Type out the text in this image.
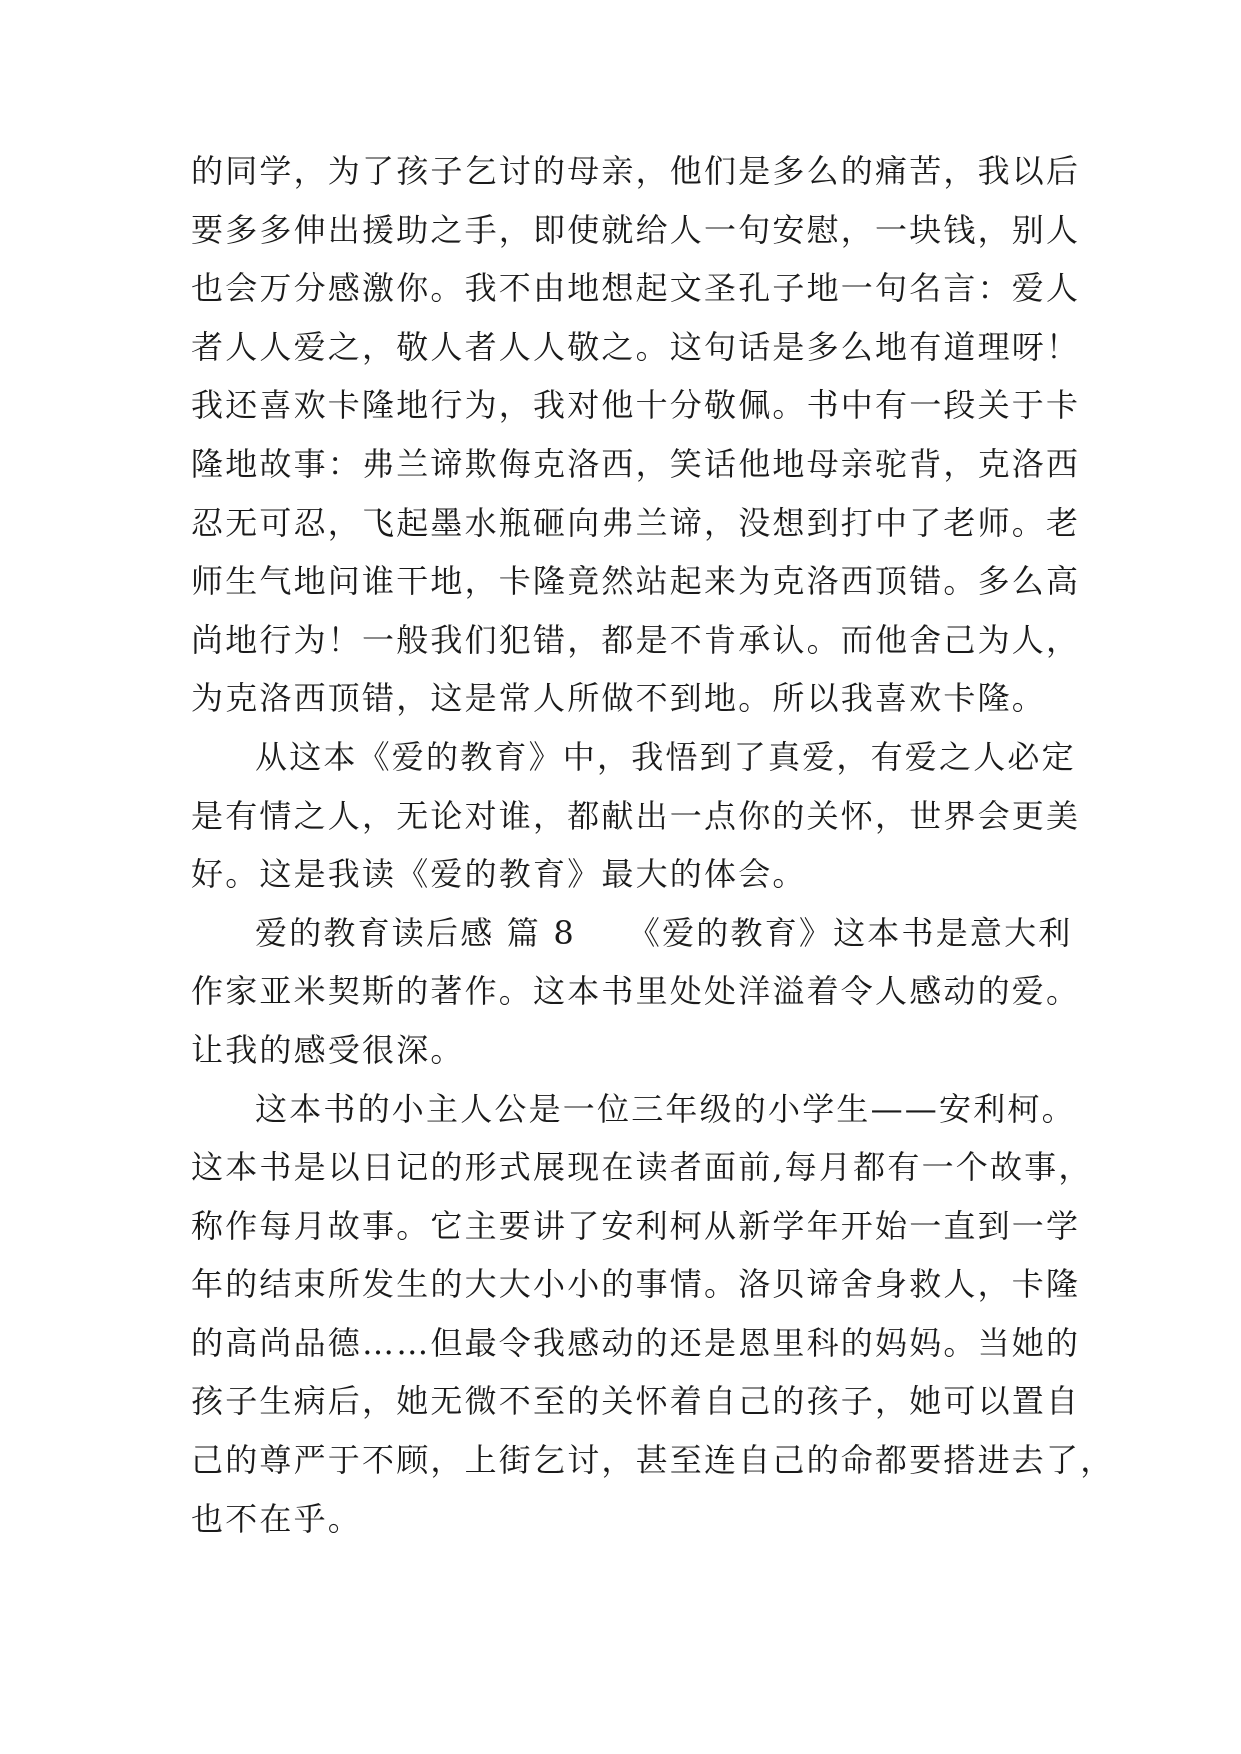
的同学，为了孩子乞讨的母亲，他们是多么的痛苦，我以后
要多多伸出援助之手，即使就给人一句安慰，一块钱，别人
也会万分感激你。我不由地想起文圣孔子地一句名言：爱人
者人人爱之，敬人者人人敬之。这句话是多么地有道理呀！
我还喜欢卡隆地行为，我对他十分敬佩。书中有一段关于卡
隆地故事：弗兰谛欺侮克洛西，笑话他地母亲驼背，克洛西
忍无可忍，飞起墨水瓶砸向弗兰谛，没想到打中了老师。老
师生气地问谁干地，卡隆竟然站起来为克洛西顶错。多么高
尚地行为！一般我们犯错，都是不肯承认。而他舍己为人，
为克洛西顶错，这是常人所做不到地。所以我喜欢卡隆。
从这本《爱的教育》中，我悟到了真爱，有爱之人必定
是有情之人，无论对谁，都献出一点你的关怀，世界会更美
好。这是我读《爱的教育》最大的体会。
爱的教育读后感 篇 8 《爱的教育》这本书是意大利
作家亚米契斯的著作。这本书里处处洋溢着令人感动的爱。
让我的感受很深。
这本书的小主人公是一位三年级的小学生——安利柯。
这本书是以日记的形式展现在读者面前,每月都有一个故事，
称作每月故事。它主要讲了安利柯从新学年开始一直到一学
年的结束所发生的大大小小的事情。洛贝谛舍身救人，卡隆
的高尚品德……但最令我感动的还是恩里科的妈妈。当她的
孩子生病后，她无微不至的关怀着自己的孩子，她可以置自
己的尊严于不顾，上街乞讨，甚至连自己的命都要搭进去了，
也不在乎。
